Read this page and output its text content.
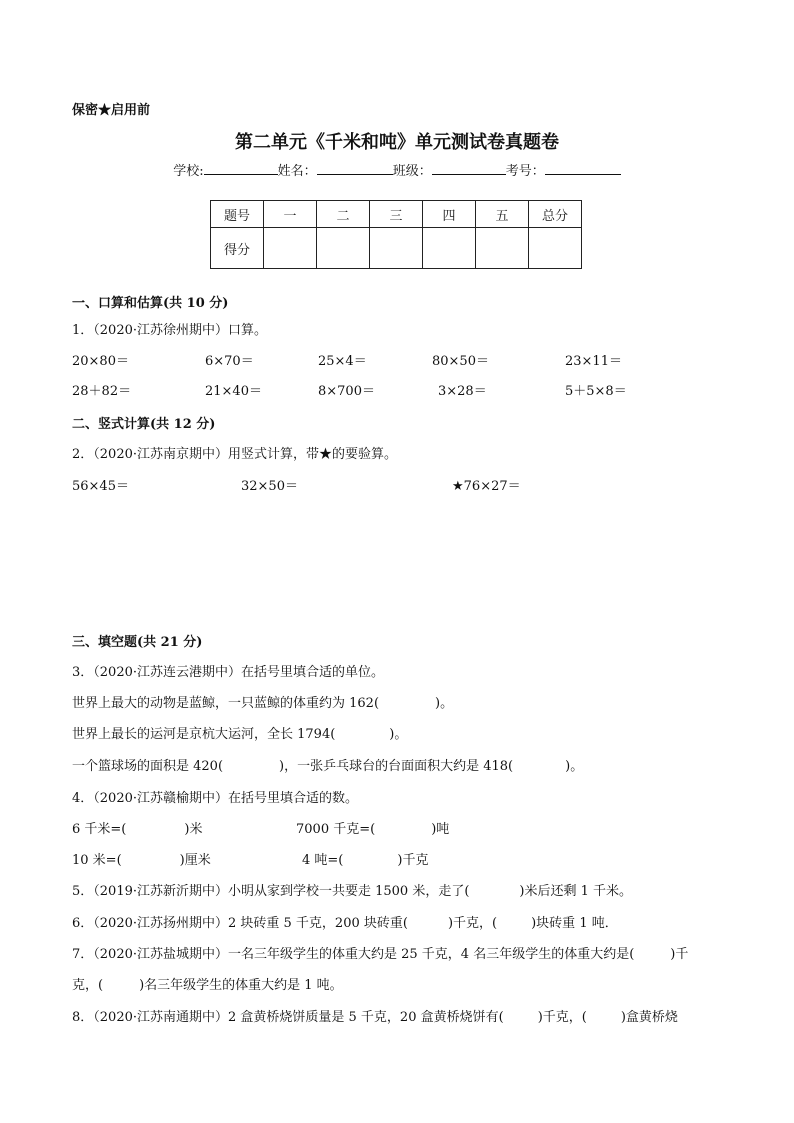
保密★启用前
第二单元《千米和吨》单元测试卷真题卷
学校:	姓名：	班级：	考号：
题号	一	二	三	四	五	总分
得分						
一、口算和估算(共 10 分)
1．（2020·江苏徐州期中）口算。
20×80＝	6×70＝	25×4＝	80×50＝	23×11＝
28＋82＝	21×40＝	8×700＝	3×28＝	5＋5×8＝
二、竖式计算(共 12 分)
2．（2020·江苏南京期中）用竖式计算，带★的要验算。
56×45＝	32×50＝	★76×27＝
三、填空题(共 21 分)
3．（2020·江苏连云港期中）在括号里填合适的单位。
世界上最大的动物是蓝鲸，一只蓝鲸的体重约为 162(	)。
世界上最长的运河是京杭大运河，全长 1794(	)。
一个篮球场的面积是 420(	)，一张乒乓球台的台面面积大约是 418(	)。
4．（2020·江苏赣榆期中）在括号里填合适的数。
6 千米=(	)米	7000 千克=(	)吨
10 米=(	)厘米	4 吨=(	)千克
5．（2019·江苏新沂期中）小明从家到学校一共要走 1500 米，走了(	)米后还剩 1 千米。
6．（2020·江苏扬州期中）2 块砖重 5 千克，200 块砖重(	)千克，(	)块砖重 1 吨．
7．（2020·江苏盐城期中）一名三年级学生的体重大约是 25 千克，4 名三年级学生的体重大约是(	)千
克，(	)名三年级学生的体重大约是 1 吨。
8．（2020·江苏南通期中）2 盒黄桥烧饼质量是 5 千克，20 盒黄桥烧饼有(	)千克，(	)盒黄桥烧
